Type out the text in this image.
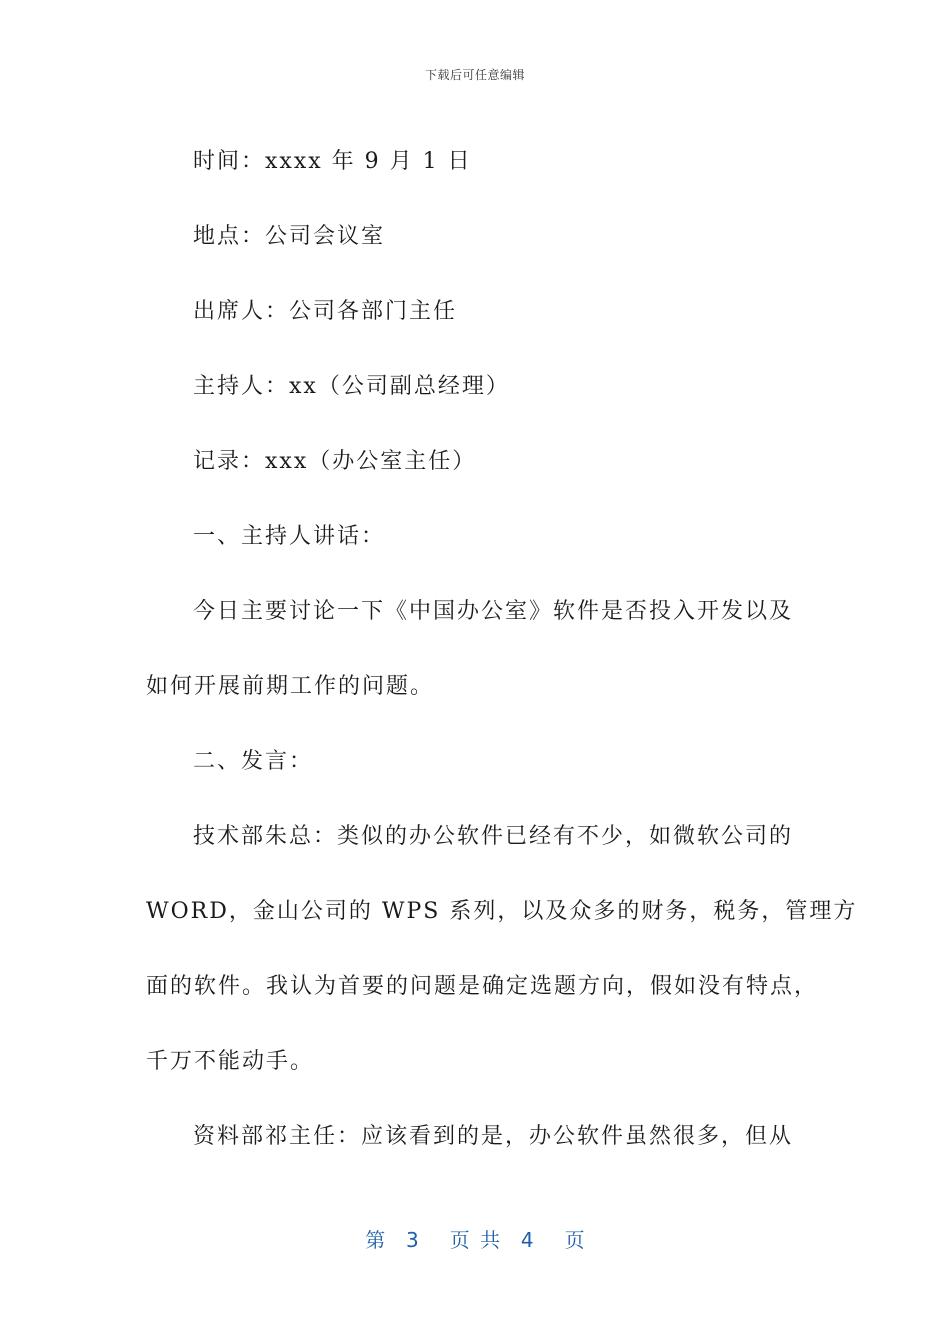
下载后可任意编辑
时间：xxxx 年 9 月 1 日
地点：公司会议室
出席人：公司各部门主任
主持人：xx（公司副总经理）
记录：xxx（办公室主任）
一、主持人讲话：
今日主要讨论一下《中国办公室》软件是否投入开发以及
如何开展前期工作的问题。
二、发言：
技术部朱总：类似的办公软件已经有不少，如微软公司的
WORD，金山公司的 WPS 系列，以及众多的财务，税务，管理方
面的软件。我认为首要的问题是确定选题方向，假如没有特点，
千万不能动手。
资料部祁主任：应该看到的是，办公软件虽然很多，但从
第  3   页 共  4   页
